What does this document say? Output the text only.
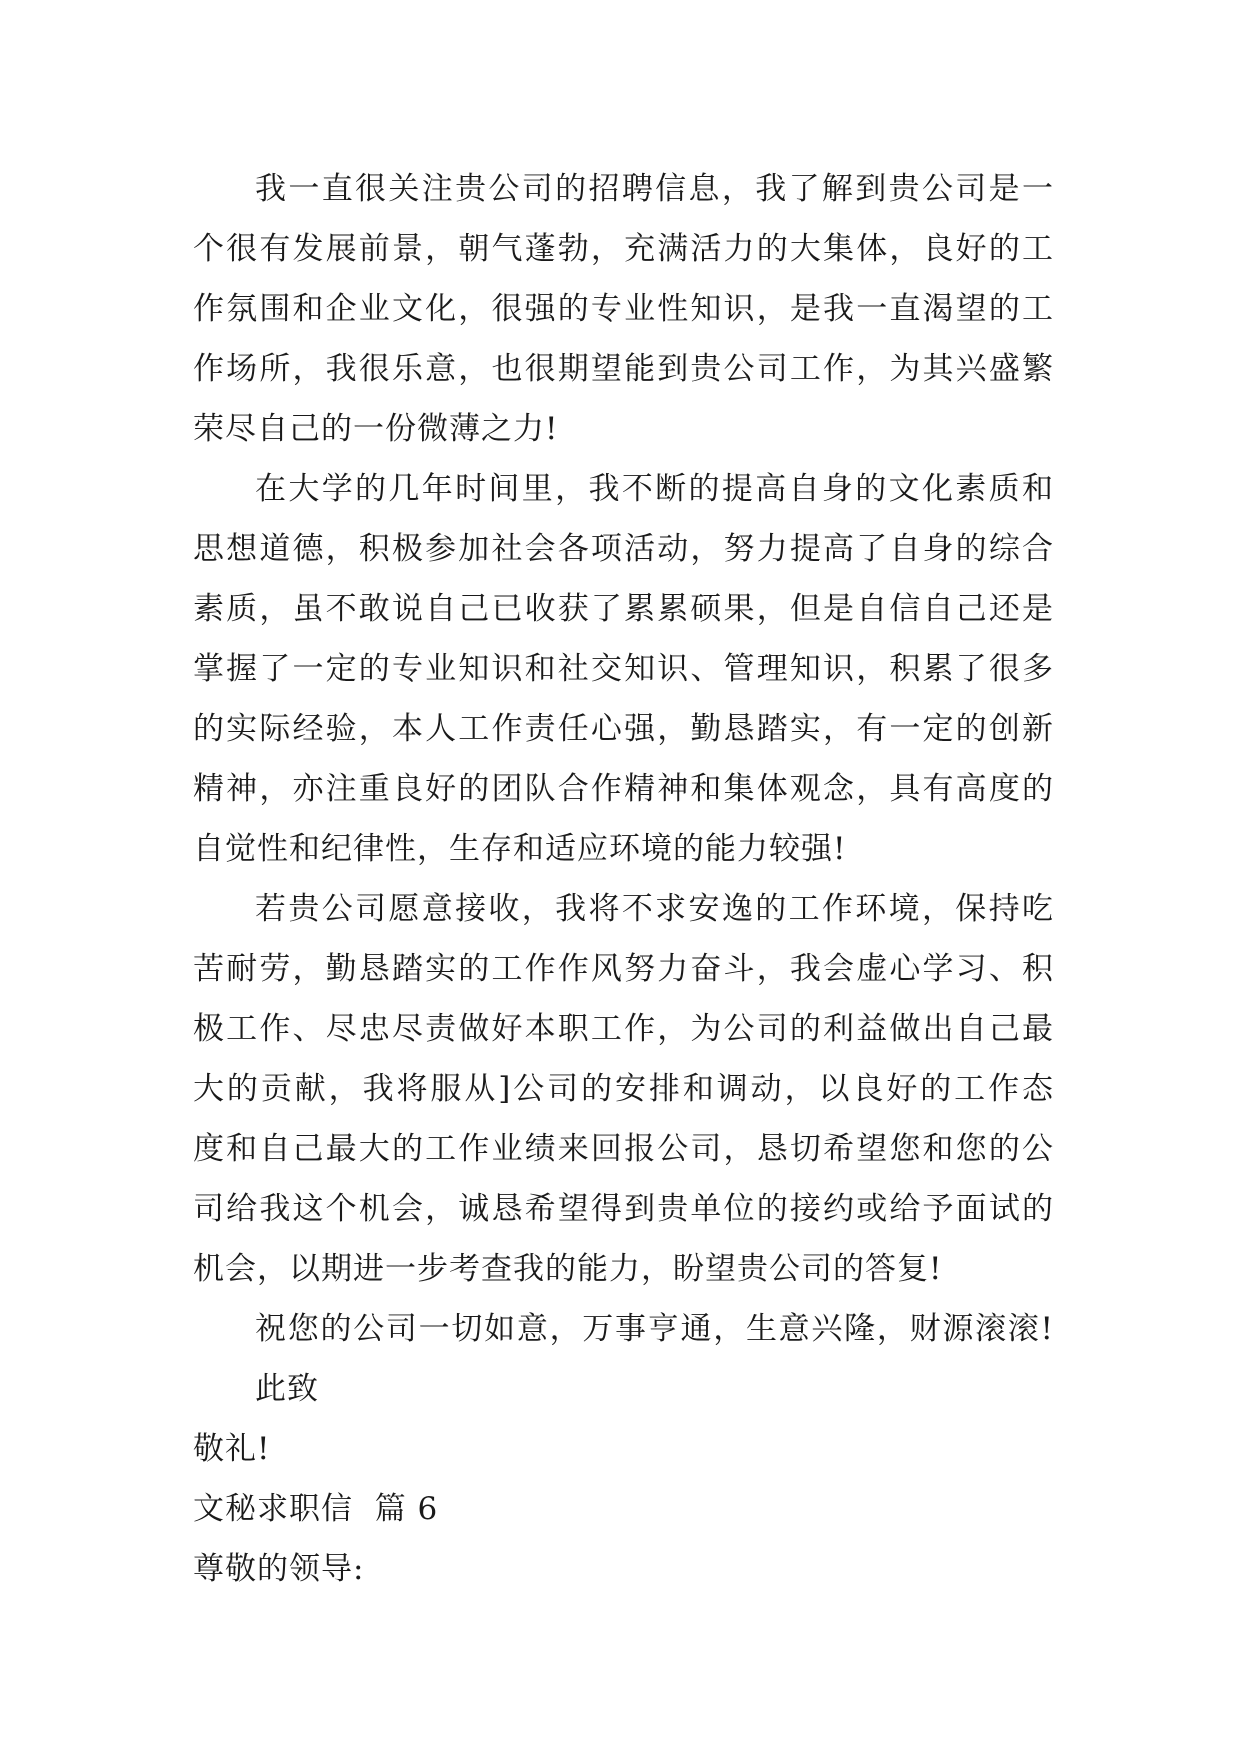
我一直很关注贵公司的招聘信息，我了解到贵公司是一
个很有发展前景，朝气蓬勃，充满活力的大集体，良好的工
作氛围和企业文化，很强的专业性知识，是我一直渴望的工
作场所，我很乐意，也很期望能到贵公司工作，为其兴盛繁
荣尽自己的一份微薄之力!
在大学的几年时间里，我不断的提高自身的文化素质和
思想道德，积极参加社会各项活动，努力提高了自身的综合
素质，虽不敢说自己已收获了累累硕果，但是自信自己还是
掌握了一定的专业知识和社交知识、管理知识，积累了很多
的实际经验，本人工作责任心强，勤恳踏实，有一定的创新
精神，亦注重良好的团队合作精神和集体观念，具有高度的
自觉性和纪律性，生存和适应环境的能力较强!
若贵公司愿意接收，我将不求安逸的工作环境，保持吃
苦耐劳，勤恳踏实的工作作风努力奋斗，我会虚心学习、积
极工作、尽忠尽责做好本职工作，为公司的利益做出自己最
大的贡献，我将服从]公司的安排和调动，以良好的工作态
度和自己最大的工作业绩来回报公司，恳切希望您和您的公
司给我这个机会，诚恳希望得到贵单位的接约或给予面试的
机会，以期进一步考查我的能力，盼望贵公司的答复!
祝您的公司一切如意，万事亨通，生意兴隆，财源滚滚!
此致
敬礼!
文秘求职信  篇 6
尊敬的领导:
